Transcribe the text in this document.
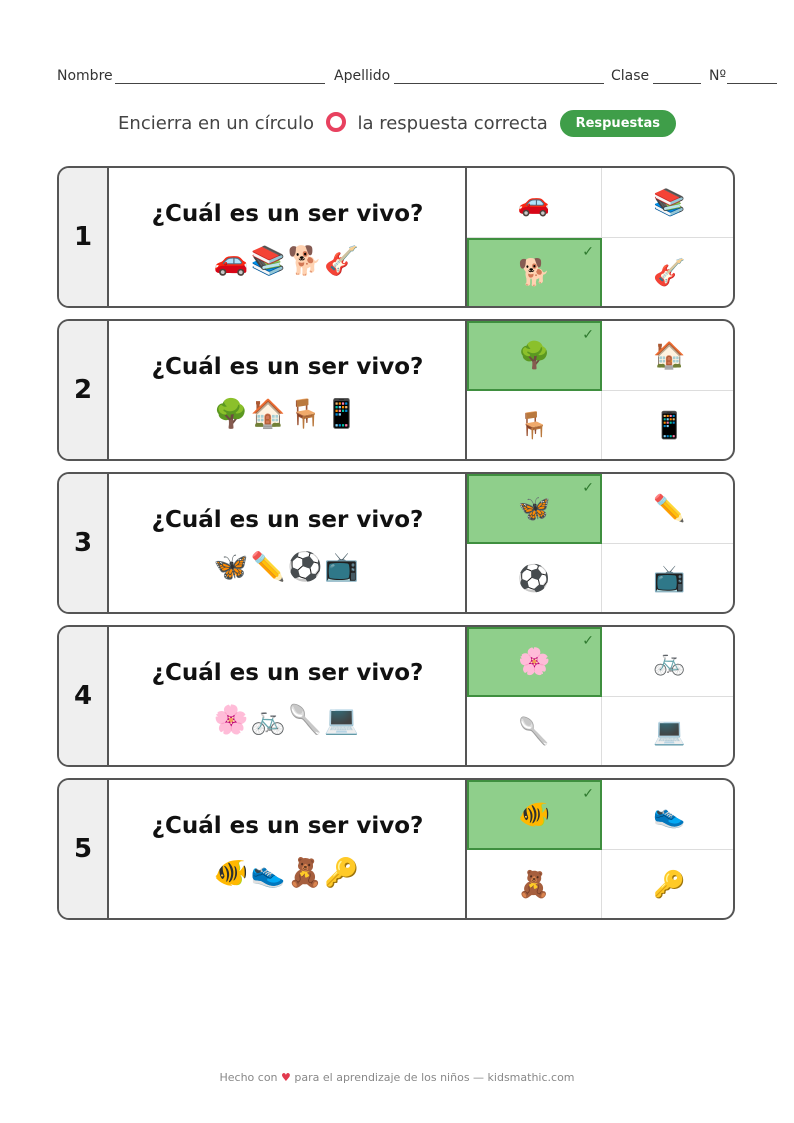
Nombre	Apellido	Clase	Nº
Encierra en un círculo la respuesta correcta Respuestas
1
¿Cuál es un ser vivo?
🚗📚🐕🎸
🚗	📚
🐕
✓
🎸
2
¿Cuál es un ser vivo?
🌳🏠🪑📱
🌳
✓
🏠
🪑	📱
3
¿Cuál es un ser vivo?
🦋✏️⚽📺
🦋
✓
✏️
⚽	📺
4
¿Cuál es un ser vivo?
🌸🚲🥄💻
🌸
✓
🚲
🥄	💻
5
¿Cuál es un ser vivo?
🐠👟🧸🔑
🐠
✓
👟
🧸	🔑
Hecho con ♥ para el aprendizaje de los niños — kidsmathic.com
